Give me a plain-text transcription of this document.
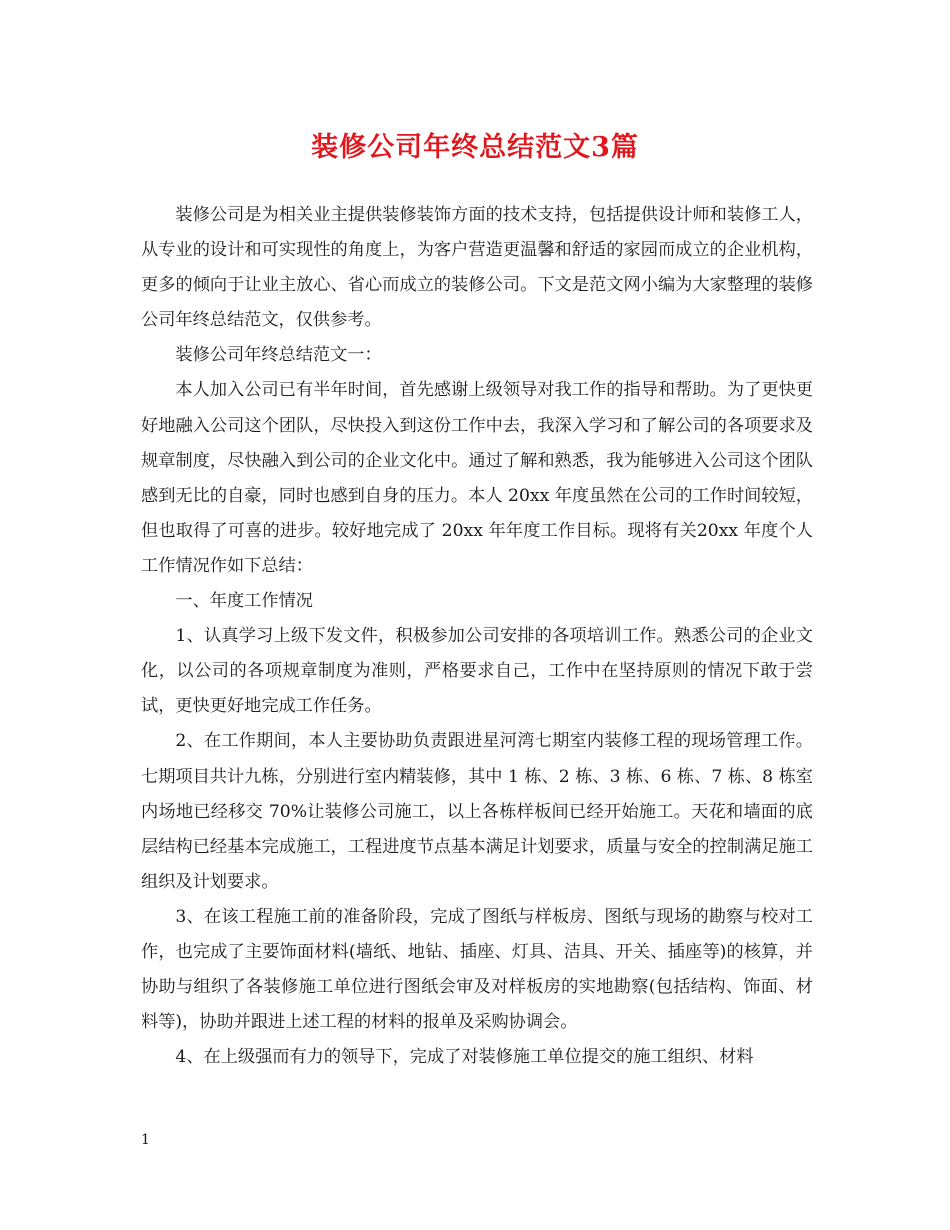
装修公司年终总结范文3篇

装修公司是为相关业主提供装修装饰方面的技术支持，包括提供设计师和装修工人，从专业的设计和可实现性的角度上，为客户营造更温馨和舒适的家园而成立的企业机构，更多的倾向于让业主放心、省心而成立的装修公司。下文是范文网小编为大家整理的装修公司年终总结范文，仅供参考。

装修公司年终总结范文一：

本人加入公司已有半年时间，首先感谢上级领导对我工作的指导和帮助。为了更快更好地融入公司这个团队，尽快投入到这份工作中去，我深入学习和了解公司的各项要求及规章制度，尽快融入到公司的企业文化中。通过了解和熟悉，我为能够进入公司这个团队感到无比的自豪，同时也感到自身的压力。本人 20xx 年度虽然在公司的工作时间较短，但也取得了可喜的进步。较好地完成了 20xx 年年度工作目标。现将有关20xx 年度个人工作情况作如下总结：

一、年度工作情况

1、认真学习上级下发文件，积极参加公司安排的各项培训工作。熟悉公司的企业文化，以公司的各项规章制度为准则，严格要求自己，工作中在坚持原则的情况下敢于尝试，更快更好地完成工作任务。

2、在工作期间，本人主要协助负责跟进星河湾七期室内装修工程的现场管理工作。七期项目共计九栋，分别进行室内精装修，其中 1 栋、2 栋、3 栋、6 栋、7 栋、8 栋室内场地已经移交 70%让装修公司施工，以上各栋样板间已经开始施工。天花和墙面的底层结构已经基本完成施工，工程进度节点基本满足计划要求，质量与安全的控制满足施工组织及计划要求。

3、在该工程施工前的准备阶段，完成了图纸与样板房、图纸与现场的勘察与校对工作，也完成了主要饰面材料(墙纸、地钻、插座、灯具、洁具、开关、插座等)的核算，并协助与组织了各装修施工单位进行图纸会审及对样板房的实地勘察(包括结构、饰面、材料等)，协助并跟进上述工程的材料的报单及采购协调会。

4、在上级强而有力的领导下，完成了对装修施工单位提交的施工组织、材料

1
